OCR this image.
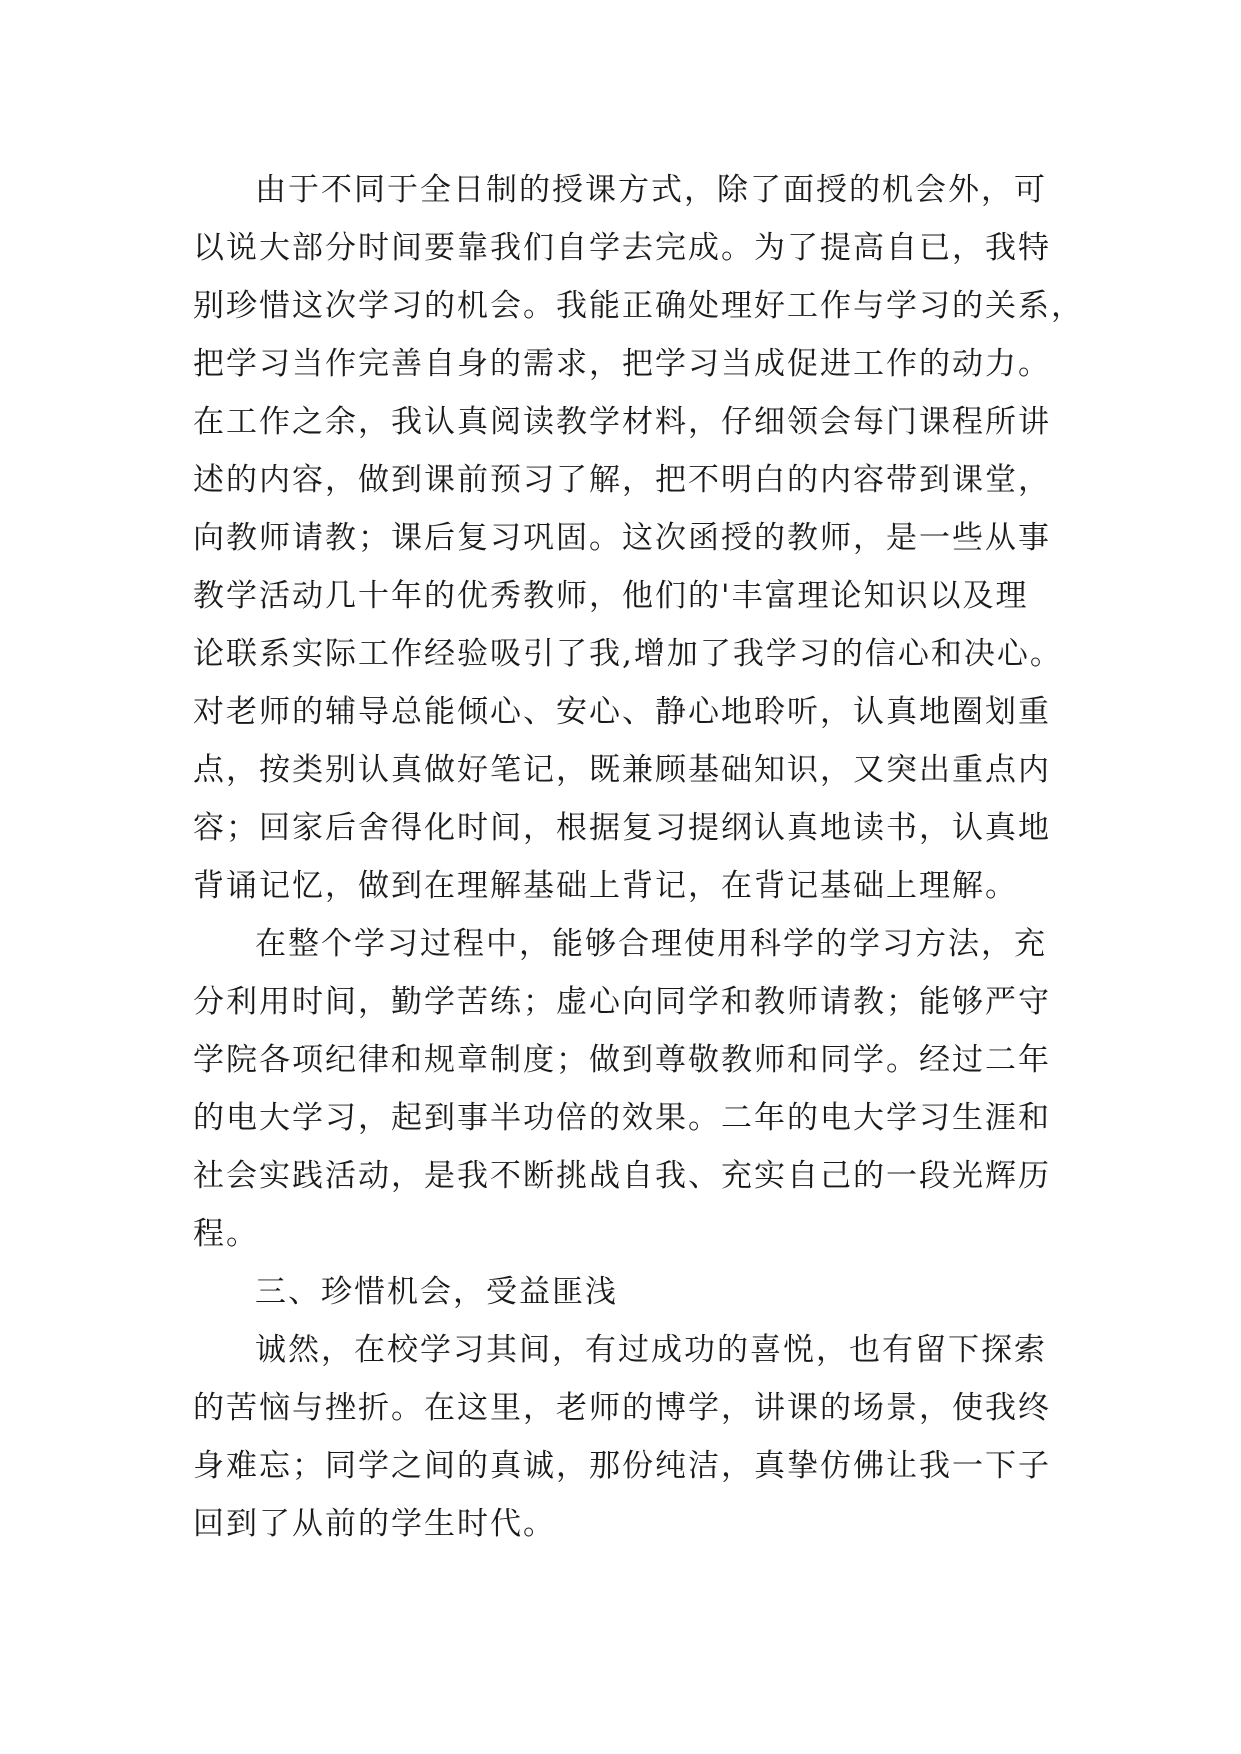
由于不同于全日制的授课方式，除了面授的机会外，可
以说大部分时间要靠我们自学去完成。为了提高自已，我特
别珍惜这次学习的机会。我能正确处理好工作与学习的关系，
把学习当作完善自身的需求，把学习当成促进工作的动力。
在工作之余，我认真阅读教学材料，仔细领会每门课程所讲
述的内容，做到课前预习了解，把不明白的内容带到课堂，
向教师请教；课后复习巩固。这次函授的教师，是一些从事
教学活动几十年的优秀教师，他们的'丰富理论知识以及理
论联系实际工作经验吸引了我,增加了我学习的信心和决心。
对老师的辅导总能倾心、安心、静心地聆听，认真地圈划重
点，按类别认真做好笔记，既兼顾基础知识，又突出重点内
容；回家后舍得化时间，根据复习提纲认真地读书，认真地
背诵记忆，做到在理解基础上背记，在背记基础上理解。
在整个学习过程中，能够合理使用科学的学习方法，充
分利用时间，勤学苦练；虚心向同学和教师请教；能够严守
学院各项纪律和规章制度；做到尊敬教师和同学。经过二年
的电大学习，起到事半功倍的效果。二年的电大学习生涯和
社会实践活动，是我不断挑战自我、充实自己的一段光辉历
程。
三、珍惜机会，受益匪浅
诚然，在校学习其间，有过成功的喜悦，也有留下探索
的苦恼与挫折。在这里，老师的博学，讲课的场景，使我终
身难忘；同学之间的真诚，那份纯洁，真挚仿佛让我一下子
回到了从前的学生时代。
